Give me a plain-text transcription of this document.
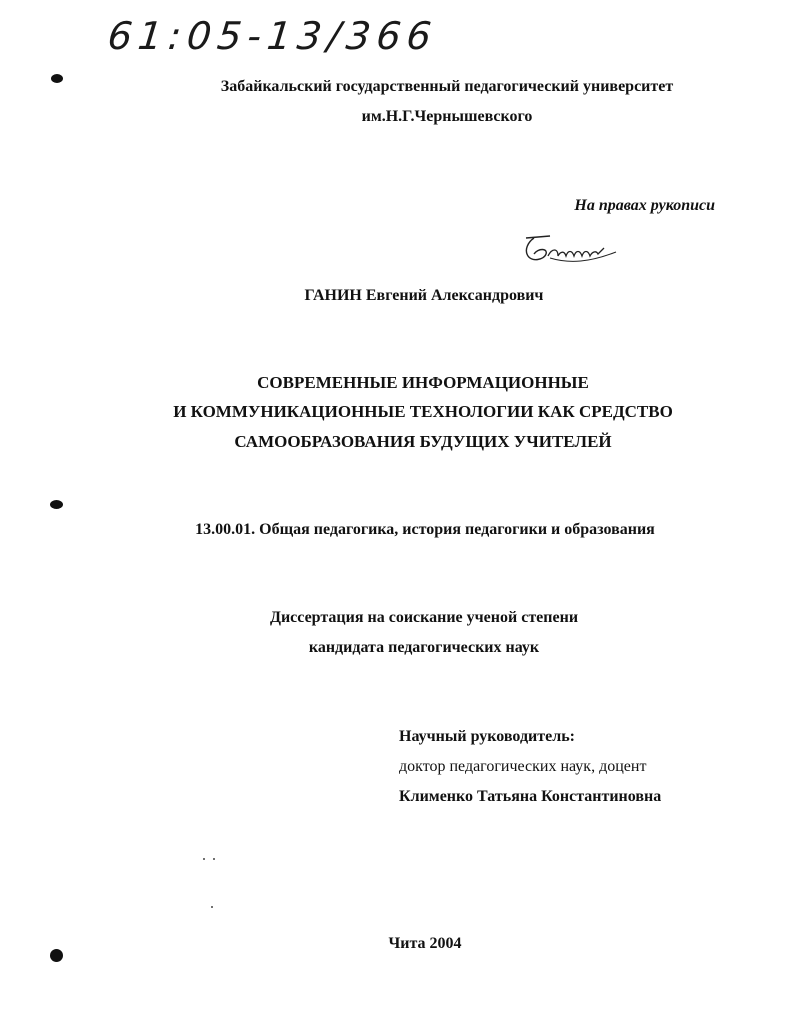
61:05-13/366
Забайкальский государственный педагогический университет
им.Н.Г.Чернышевского
На правах рукописи
ГАНИН Евгений Александрович
СОВРЕМЕННЫЕ ИНФОРМАЦИОННЫЕ
И КОММУНИКАЦИОННЫЕ ТЕХНОЛОГИИ КАК СРЕДСТВО
САМООБРАЗОВАНИЯ БУДУЩИХ УЧИТЕЛЕЙ
13.00.01. Общая педагогика, история педагогики и образования
Диссертация на соискание ученой степени
кандидата педагогических наук
Научный руководитель:
доктор педагогических наук, доцент
Клименко Татьяна Константиновна
Чита 2004
